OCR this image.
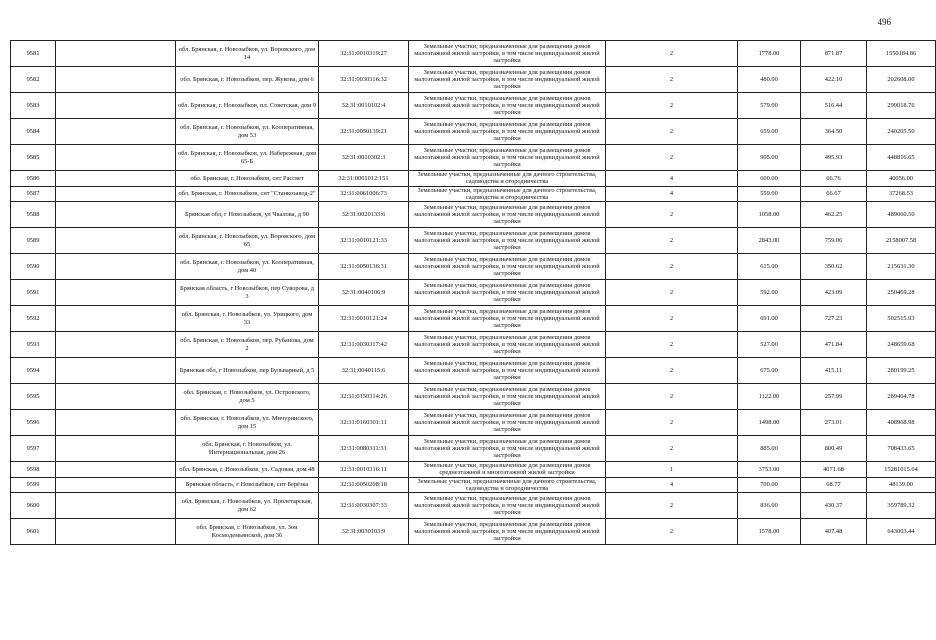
496
9581		обл. Брянская, г. Новозыбков, ул. Воровского, дом 14	32:31:0010319:27	Земельные участки, предназначенные для размещения домов малоэтажной жилой застройки, в том числе индивидуальной жилой застройки	2	1778.00	871.87	1550184.86
9582		обл. Брянская, г. Новозыбков, пер. Жукова, дом 6	32:31:0030316:32	Земельные участки, предназначенные для размещения домов малоэтажной жилой застройки, в том числе индивидуальной жилой застройки	2	480.00	422.10	202608.00
9583		обл. Брянская, г. Новозыбков, пл. Советская, дом 9	32:31:0010102:4	Земельные участки, предназначенные для размещения домов малоэтажной жилой застройки, в том числе индивидуальной жилой застройки	2	579.00	516.44	299018.76
9584		обл. Брянская, г. Новозыбков, ул. Кооперативная, дом 53	32:31:0050139:21	Земельные участки, предназначенные для размещения домов малоэтажной жилой застройки, в том числе индивидуальной жилой застройки	2	659.00	364.50	240205.50
9585		обл. Брянская, г. Новозыбков, ул. Набережная, дом 65-Б	32:31:0010302:3	Земельные участки, предназначенные для размещения домов малоэтажной жилой застройки, в том числе индивидуальной жилой застройки	2	905.00	495.93	448816.65
9586		обл. Брянская, г. Новозыбков, снт Рассвет	32:31:0061012:151	Земельные участки, предназначенные для дачного строительства, садоводства и огородничества	4	600.00	66.76	40056.00
9587		обл. Брянская, г. Новозыбков, снт "Станкозавод-2"	32:31:0061006:73	Земельные участки, предназначенные для дачного строительства, садоводства и огородничества	4	559.00	66.67	37268.53
9588		Брянская обл, г Новозыбков, ул Чкалова, д 90	32:31:0020133:6	Земельные участки, предназначенные для размещения домов малоэтажной жилой застройки, в том числе индивидуальной жилой застройки	2	1058.00	462.25	489060.50
9589		обл. Брянская, г. Новозыбков, ул. Воровского, дом 65	32:31:0010121:33	Земельные участки, предназначенные для размещения домов малоэтажной жилой застройки, в том числе индивидуальной жилой застройки	2	2843.00	759.06	2158007.58
9590		обл. Брянская, г. Новозыбков, ул. Кооперативная, дом 40	32:31:0050136:31	Земельные участки, предназначенные для размещения домов малоэтажной жилой застройки, в том числе индивидуальной жилой застройки	2	615.00	350.62	215631.30
9591		Брянская область, г Новозыбков, пер Суворова, д 3	32:31:0040106:9	Земельные участки, предназначенные для размещения домов малоэтажной жилой застройки, в том числе индивидуальной жилой застройки	2	592.00	423.09	250469.28
9592		обл. Брянская, г. Новозыбков, ул. Урицкого, дом 33	32:31:0010121:24	Земельные участки, предназначенные для размещения домов малоэтажной жилой застройки, в том числе индивидуальной жилой застройки	2	691.00	727.23	502515.93
9593		обл. Брянская, г. Новозыбков, пер. Рубанова, дом 2	32:31:0030317:42	Земельные участки, предназначенные для размещения домов малоэтажной жилой застройки, в том числе индивидуальной жилой застройки	2	527.00	471.84	248659.68
9594		Брянская обл, г Новозыбков, пер Бульварный, д 5	32:31:0040115:6	Земельные участки, предназначенные для размещения домов малоэтажной жилой застройки, в том числе индивидуальной жилой застройки	2	675.00	415.11	280199.25
9595		обл. Брянская, г. Новозыбков, ул. Островского, дом 5	32:31:0150314:26	Земельные участки, предназначенные для размещения домов малоэтажной жилой застройки, в том числе индивидуальной жилой застройки	2	1122.00	257.99	289464.78
9596		обл. Брянская, г. Новозыбков, ул. Мичуринского, дом 15	32:31:0160301:11	Земельные участки, предназначенные для размещения домов малоэтажной жилой застройки, в том числе индивидуальной жилой застройки	2	1498.00	273.01	408968.98
9597		обл. Брянская, г. Новозыбков, ул. Интернациональная, дом 26	32:31:0080311:31	Земельные участки, предназначенные для размещения домов малоэтажной жилой застройки, в том числе индивидуальной жилой застройки	2	885.00	800.49	708433.65
9598		обл. Брянская, г. Новозыбков, ул. Садовая, дом 48	32:31:0010316:11	Земельные участки, предназначенные для размещения домов среднеэтажной и многоэтажной жилой застройки	1	3753.00	4071.68	15281015.04
9599		Брянская область, г Новозыбков, снт Берёзка	32:31:0050208:18	Земельные участки, предназначенные для дачного строительства, садоводства и огородничества	4	700.00	68.77	48139.00
9600		обл. Брянская, г. Новозыбков, ул. Пролетарская, дом 62	32:31:0030307:33	Земельные участки, предназначенные для размещения домов малоэтажной жилой застройки, в том числе индивидуальной жилой застройки	2	836.00	430.37	359789.32
9601		обл. Брянская, г. Новозыбков, ул. Зои Космодемьянской, дом 36	32:31:0030103:9	Земельные участки, предназначенные для размещения домов малоэтажной жилой застройки, в том числе индивидуальной жилой застройки	2	1578.00	407.48	643003.44
